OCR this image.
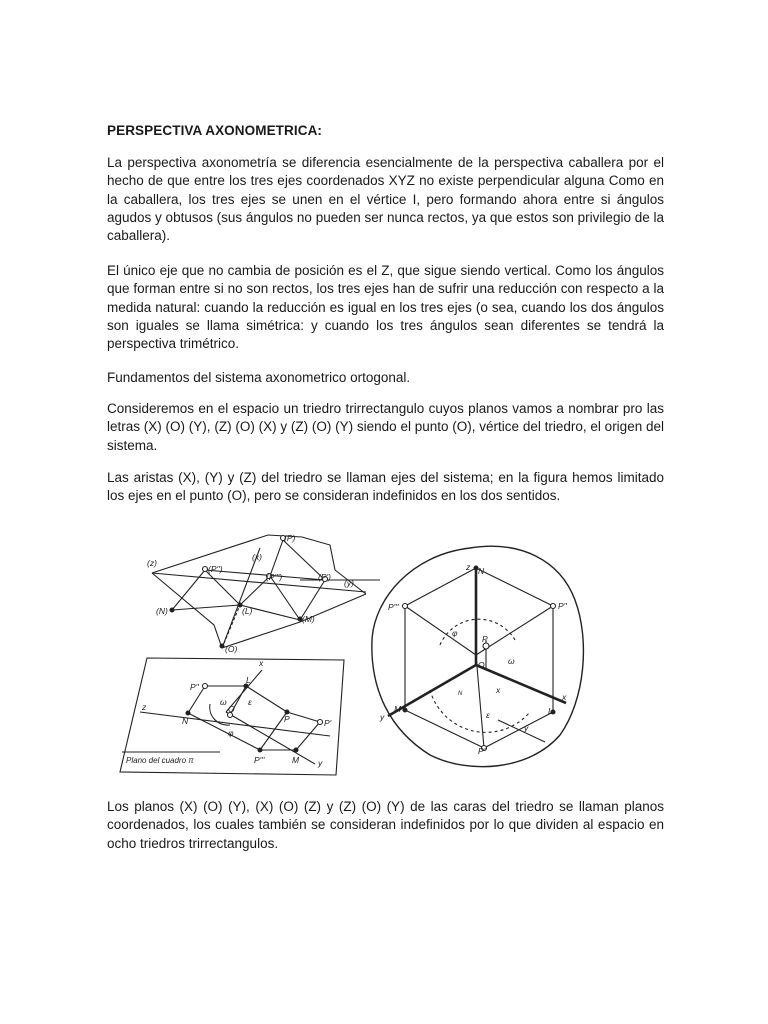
PERSPECTIVA AXONOMETRICA:

La perspectiva axonometría se diferencia esencialmente de la perspectiva caballera por el hecho de que entre los tres ejes coordenados XYZ no existe perpendicular alguna Como en la caballera, los tres ejes se unen en el vértice I, pero formando ahora entre si ángulos agudos y obtusos (sus ángulos no pueden ser nunca rectos, ya que estos son privilegio de la caballera).

El único eje que no cambia de posición es el Z, que sigue siendo vertical. Como los ángulos que forman entre si no son rectos, los tres ejes han de sufrir una reducción con respecto a la medida natural: cuando la reducción es igual en los tres ejes (o sea, cuando los dos ángulos son iguales se llama simétrica: y cuando los tres ángulos sean diferentes se tendrá la perspectiva trimétrico.

Fundamentos del sistema axonometrico ortogonal.

Consideremos en el espacio un triedro trirrectangulo cuyos planos vamos a nombrar pro las letras (X) (O) (Y), (Z) (O) (X) y (Z) (O) (Y) siendo el punto (O), vértice del triedro, el origen del sistema.

Las aristas (X), (Y) y (Z) del triedro se llaman ejes del sistema; en la figura hemos limitado los ejes en el punto (O), pero se consideran indefinidos en los dos sentidos.

(z)
(x)
(y)
(P)
(P'')
(P''')	(P')
(N)	(L)
(M)
(O)
x
z
y
P''
L
N
O
P	P'
P'''	M
ω	ε
φ
Plano del cuadro π
z N
P'''	P''
P
O
x
y
M	L
P'
N
φ
ω
ε
x
y

Los planos (X) (O) (Y), (X) (O) (Z) y (Z) (O) (Y) de las caras del triedro se llaman planos coordenados, los cuales también se consideran indefinidos por lo que dividen al espacio en ocho triedros trirrectangulos.
